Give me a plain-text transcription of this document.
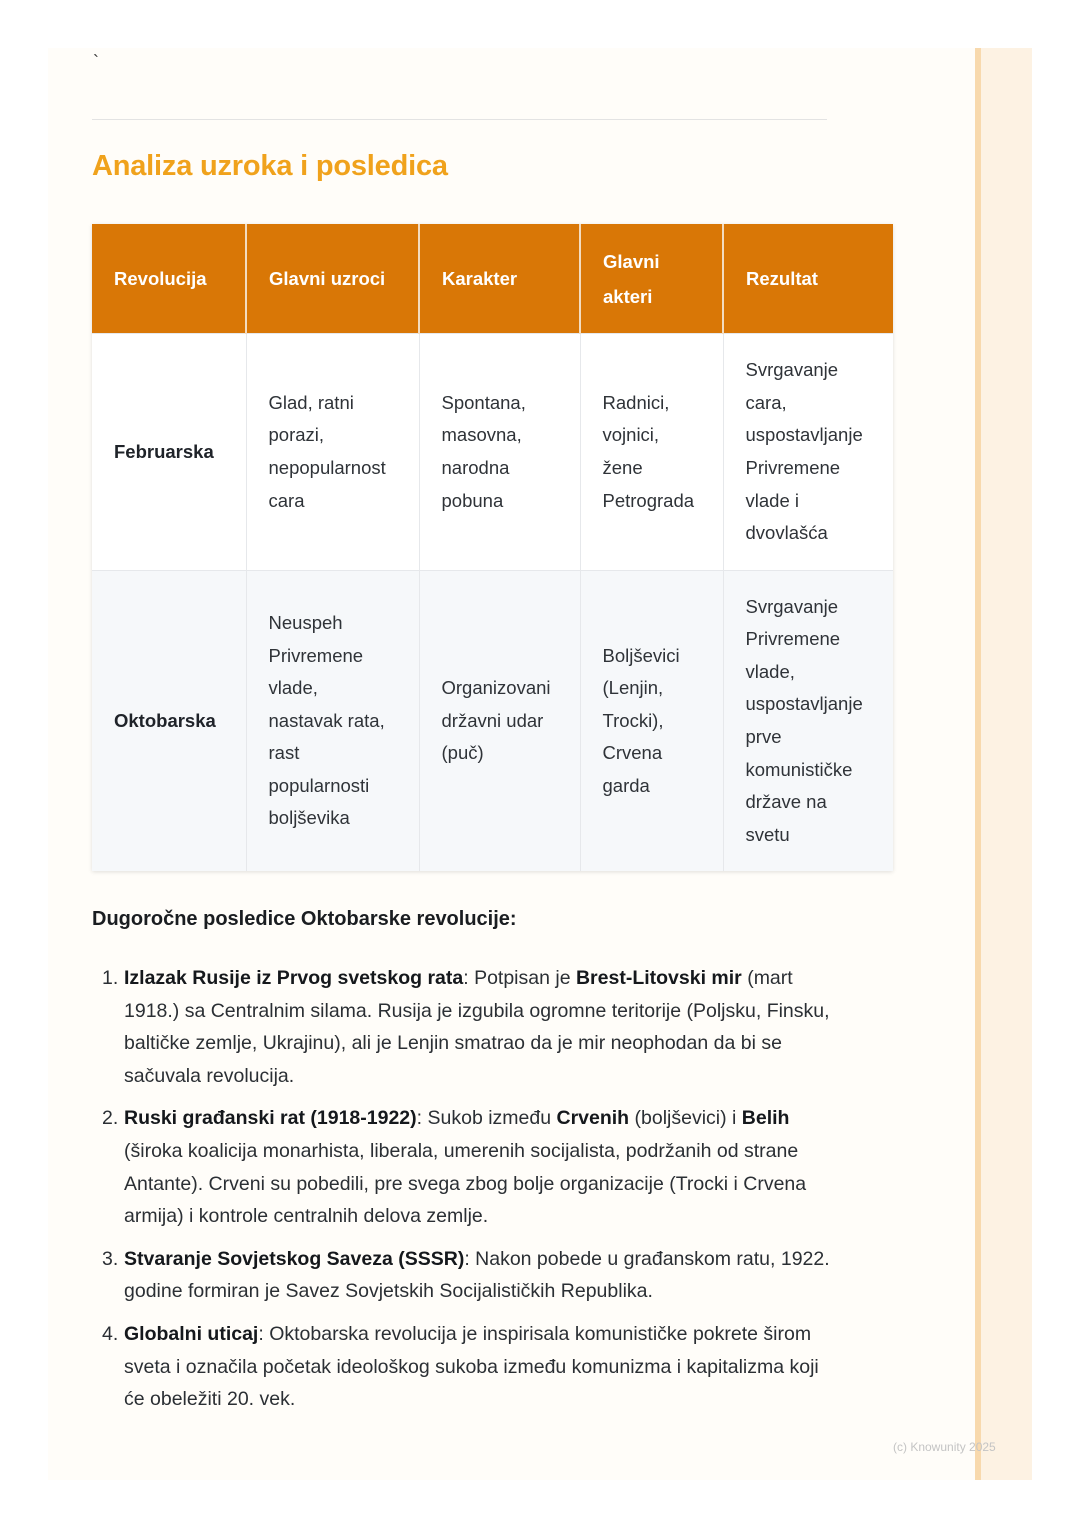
`
Analiza uzroka i posledica
Revolucija	Glavni uzroci	Karakter	Glavni akteri	Rezultat
Februarska	Glad, ratni porazi, nepopularnost cara	Spontana, masovna, narodna pobuna	Radnici, vojnici, žene Petrograda	Svrgavanje cara, uspostavljanje Privremene vlade i dvovlašća
Oktobarska	Neuspeh Privremene vlade, nastavak rata, rast popularnosti boljševika	Organizovani državni udar (puč)	Boljševici (Lenjin, Trocki), Crvena garda	Svrgavanje Privremene vlade, uspostavljanje prve komunističke države na svetu
Dugoročne posledice Oktobarske revolucije:
1. Izlazak Rusije iz Prvog svetskog rata: Potpisan je Brest-Litovski mir (mart 1918.) sa Centralnim silama. Rusija je izgubila ogromne teritorije (Poljsku, Finsku, baltičke zemlje, Ukrajinu), ali je Lenjin smatrao da je mir neophodan da bi se sačuvala revolucija.
2. Ruski građanski rat (1918-1922): Sukob između Crvenih (boljševici) i Belih (široka koalicija monarhista, liberala, umerenih socijalista, podržanih od strane Antante). Crveni su pobedili, pre svega zbog bolje organizacije (Trocki i Crvena armija) i kontrole centralnih delova zemlje.
3. Stvaranje Sovjetskog Saveza (SSSR): Nakon pobede u građanskom ratu, 1922. godine formiran je Savez Sovjetskih Socijalističkih Republika.
4. Globalni uticaj: Oktobarska revolucija je inspirisala komunističke pokrete širom sveta i označila početak ideološkog sukoba između komunizma i kapitalizma koji će obeležiti 20. vek.
(c) Knowunity 2025
